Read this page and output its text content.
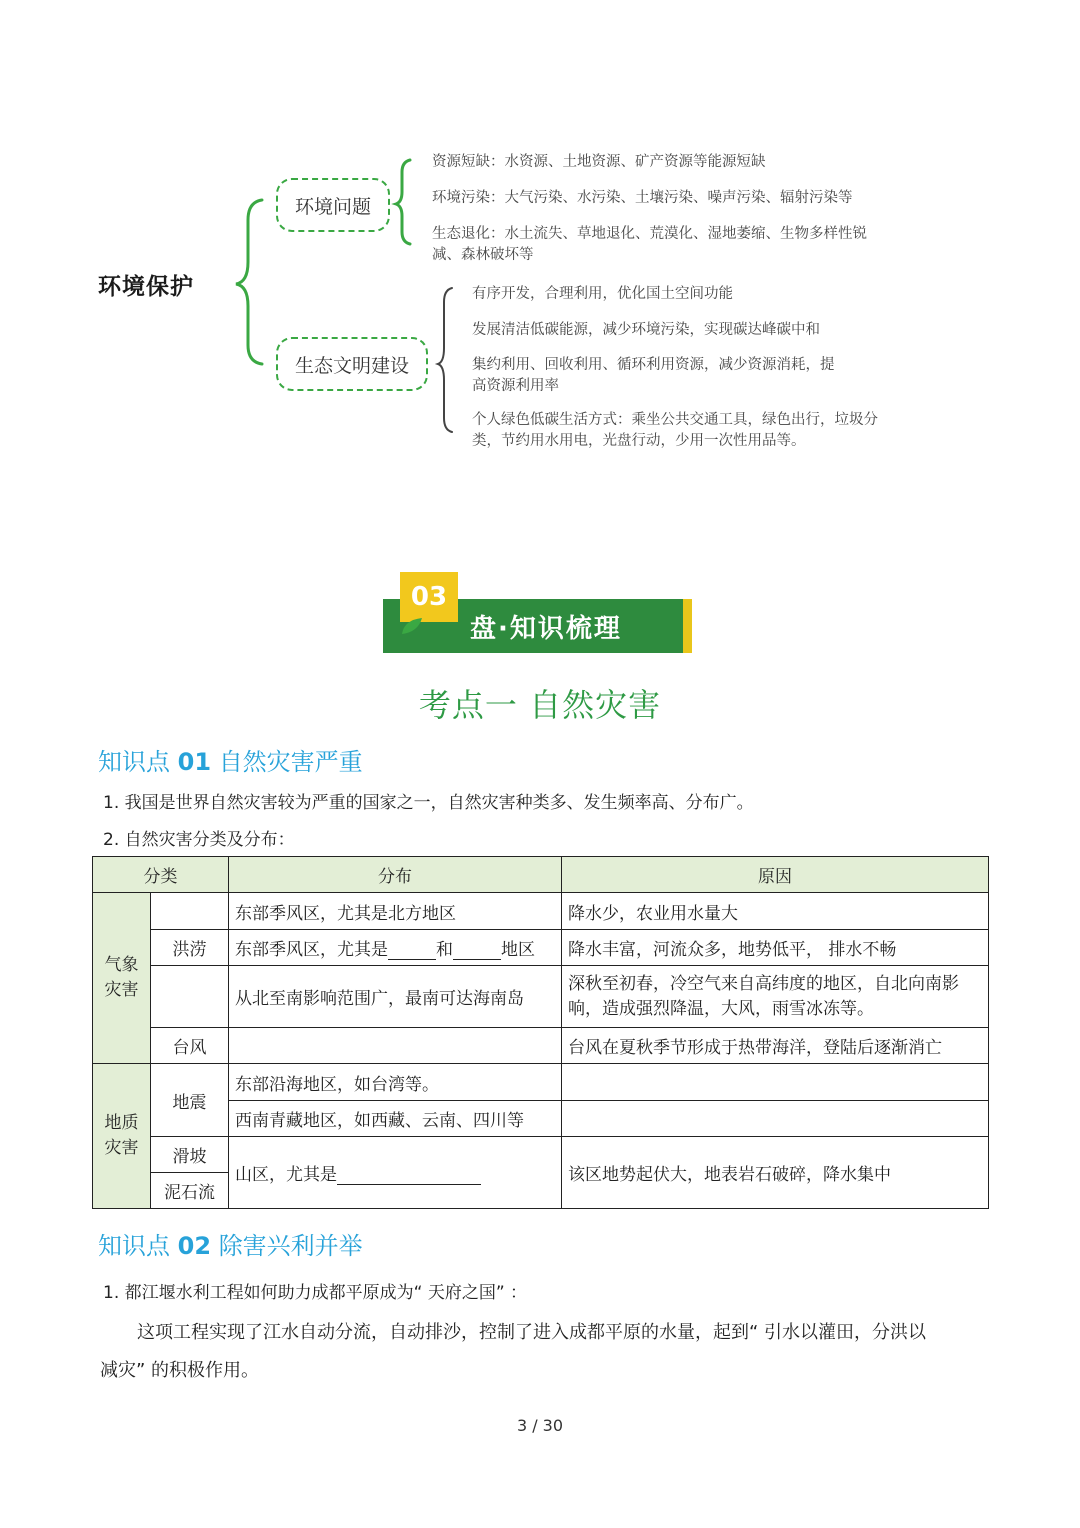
环境保护
环境问题
生态文明建设
资源短缺：水资源、土地资源、矿产资源等能源短缺
环境污染：大气污染、水污染、土壤污染、噪声污染、辐射污染等
生态退化：水土流失、草地退化、荒漠化、湿地萎缩、生物多样性锐减、森林破坏等
有序开发，合理利用，优化国土空间功能
发展清洁低碳能源，减少环境污染，实现碳达峰碳中和
集约利用、回收利用、循环利用资源，减少资源消耗，提高资源利用率
个人绿色低碳生活方式：乘坐公共交通工具，绿色出行，垃圾分类，节约用水用电，光盘行动，少用一次性用品等。
03
盘·知识梳理
考点一 自然灾害
知识点 01 自然灾害严重
1. 我国是世界自然灾害较为严重的国家之一，自然灾害种类多、发生频率高、分布广。
2. 自然灾害分类及分布：
分类		分布	原因
气象灾害		东部季风区，尤其是北方地区	降水少，农业用水量大
	洪涝	东部季风区，尤其是 和 地区	降水丰富，河流众多，地势低平， 排水不畅
		从北至南影响范围广，最南可达海南岛	深秋至初春，冷空气来自高纬度的地区，自北向南影响，造成强烈降温，大风，雨雪冰冻等。
	台风		台风在夏秋季节形成于热带海洋，登陆后逐渐消亡
地质灾害	地震	东部沿海地区，如台湾等。	
		西南青藏地区，如西藏、云南、四川等	
	滑坡	山区，尤其是	该区地势起伏大，地表岩石破碎，降水集中
	泥石流		
知识点 02 除害兴利并举
1. 都江堰水利工程如何助力成都平原成为“ 天府之国” ：
这项工程实现了江水自动分流，自动排沙，控制了进入成都平原的水量，起到“ 引水以灌田，分洪以
减灾” 的积极作用。
3 / 30
